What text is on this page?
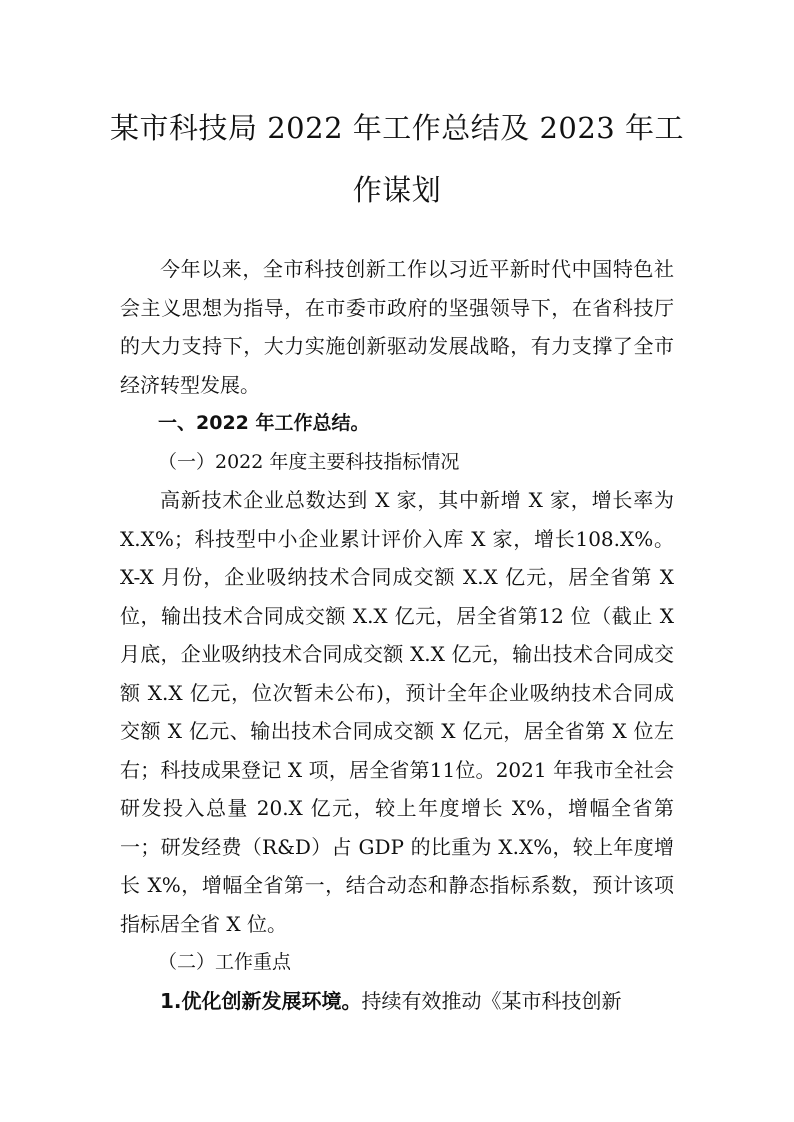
某市科技局 2022 年工作总结及 2023 年工作谋划

今年以来，全市科技创新工作以习近平新时代中国特色社会主义思想为指导，在市委市政府的坚强领导下，在省科技厅的大力支持下，大力实施创新驱动发展战略，有力支撑了全市经济转型发展。

一、2022 年工作总结。

（一）2022 年度主要科技指标情况

高新技术企业总数达到 X 家，其中新增 X 家，增长率为 X.X%；科技型中小企业累计评价入库 X 家，增长108.X%。X-X 月份，企业吸纳技术合同成交额 X.X 亿元，居全省第 X 位，输出技术合同成交额 X.X 亿元，居全省第12 位（截止 X 月底，企业吸纳技术合同成交额 X.X 亿元，输出技术合同成交额 X.X 亿元，位次暂未公布)，预计全年企业吸纳技术合同成交额 X 亿元、输出技术合同成交额 X 亿元，居全省第 X 位左右；科技成果登记 X 项，居全省第11位。2021 年我市全社会研发投入总量 20.X 亿元，较上年度增长 X%，增幅全省第一；研发经费（R&D）占 GDP 的比重为 X.X%，较上年度增长 X%，增幅全省第一，结合动态和静态指标系数，预计该项指标居全省 X 位。

（二）工作重点

1.优化创新发展环境。持续有效推动《某市科技创新
